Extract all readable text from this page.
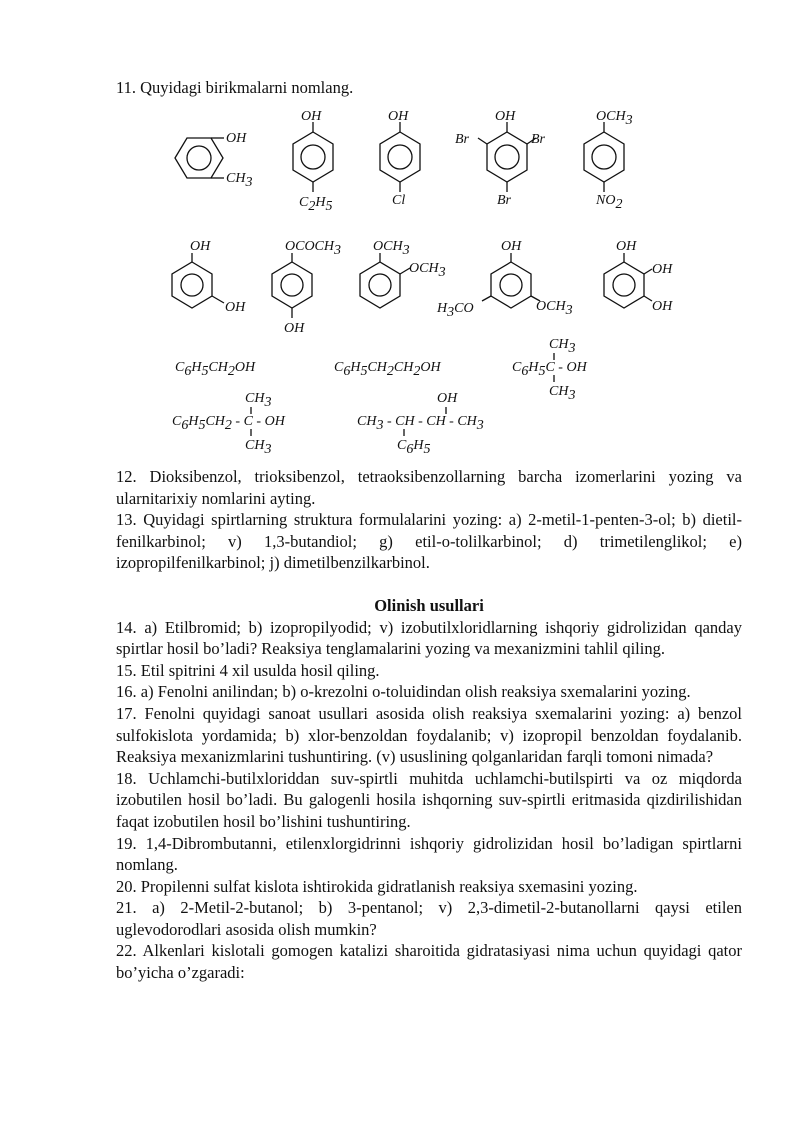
11. Quyidagi birikmalarni nomlang.
OH
CH3
OH
C2H5
OH
Cl
OH
Br	Br
Br
OCH3
NO2
OH
OH
OCOCH3
OH
OCH3
OCH3
OH
H3CO	OCH3
OH
OH
OH
C6H5CH2OH	C6H5CH2CH2OH
CH3
C6H5C - OH
CH3
CH3
C6H5CH2 - C - OH
CH3
OH
CH3 - CH - CH - CH3
C6H5

12. Dioksibenzol, trioksibenzol, tetraoksibenzollarning barcha izomerlarini yozing va ularnitarixiy nomlarini ayting.

13. Quyidagi spirtlarning struktura formulalarini yozing: a) 2-metil-1-penten-3-ol; b) dietil-fenilkarbinol; v) 1,3-butandiol; g) etil-o-tolilkarbinol; d) trimetilenglikol; e) izopropilfenilkarbinol; j) dimetilbenzilkarbinol.

Olinish usullari

14. a) Etilbromid; b) izopropilyodid; v) izobutilxloridlarning ishqoriy gidrolizidan qanday spirtlar hosil bo’ladi? Reaksiya tenglamalarini yozing va mexanizmini tahlil qiling.

15. Etil spitrini 4 xil usulda hosil qiling.

16. a) Fenolni anilindan; b) o-krezolni o-toluidindan olish reaksiya sxemalarini yozing.

17. Fenolni quyidagi sanoat usullari asosida olish reaksiya sxemalarini yozing: a) benzol sulfokislota yordamida; b) xlor-benzoldan foydalanib; v) izopropil benzoldan foydalanib. Reaksiya mexanizmlarini tushuntiring. (v) ususlining qolganlaridan farqli tomoni nimada?

18. Uchlamchi-butilxloriddan suv-spirtli muhitda uchlamchi-butilspirti va oz miqdorda izobutilen hosil bo’ladi. Bu galogenli hosila ishqorning suv-spirtli eritmasida qizdirilishidan faqat izobutilen hosil bo’lishini tushuntiring.

19. 1,4-Dibrombutanni, etilenxlorgidrinni ishqoriy gidrolizidan hosil bo’ladigan spirtlarni nomlang.

20. Propilenni sulfat kislota ishtirokida gidratlanish reaksiya sxemasini yozing.

21. a) 2-Metil-2-butanol; b) 3-pentanol; v) 2,3-dimetil-2-butanollarni qaysi etilen uglevodorodlari asosida olish mumkin?

22. Alkenlari kislotali gomogen katalizi sharoitida gidratasiyasi nima uchun quyidagi qator bo’yicha o’zgaradi:
